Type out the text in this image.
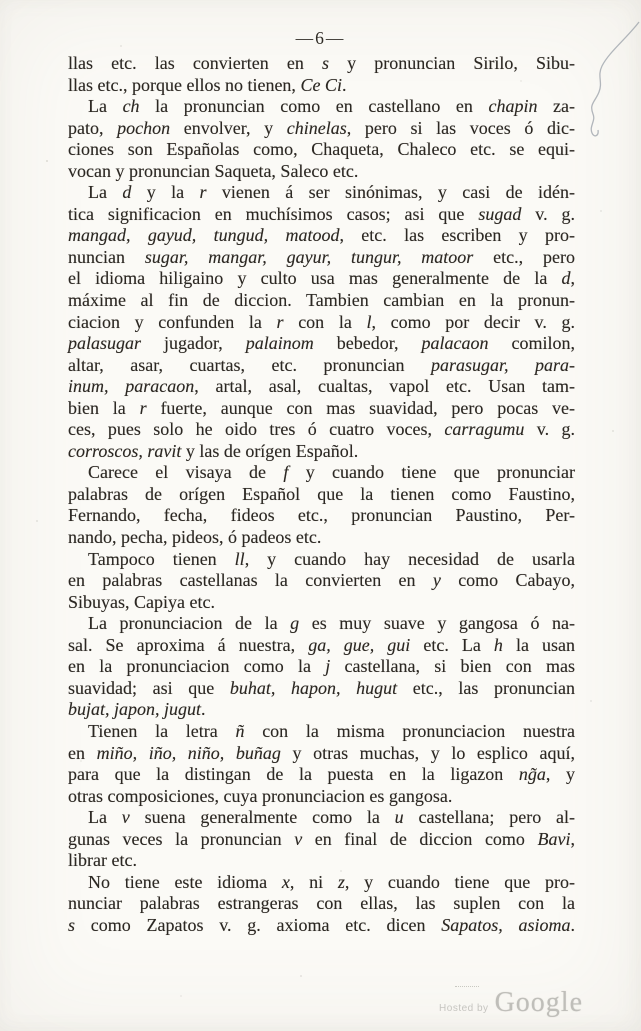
—6—
llas etc. las convierten en s y pronuncian Sirilo, Sibu-
llas etc., porque ellos no tienen, Ce Ci.
La ch la pronuncian como en castellano en chapin za-
pato, pochon envolver, y chinelas, pero si las voces ó dic-
ciones son Españolas como, Chaqueta, Chaleco etc. se equi-
vocan y pronuncian Saqueta, Saleco etc.
La d y la r vienen á ser sinónimas, y casi de idén-
tica significacion en muchísimos casos; asi que sugad v. g.
mangad, gayud, tungud, matood, etc. las escriben y pro-
nuncian sugar, mangar, gayur, tungur, matoor etc., pero
el idioma hiligaino y culto usa mas generalmente de la d,
máxime al fin de diccion. Tambien cambian en la pronun-
ciacion y confunden la r con la l, como por decir v. g.
palasugar jugador, palainom bebedor, palacaon comilon,
altar, asar, cuartas, etc. pronuncian parasugar, para-
inum, paracaon, artal, asal, cualtas, vapol etc. Usan tam-
bien la r fuerte, aunque con mas suavidad, pero pocas ve-
ces, pues solo he oido tres ó cuatro voces, carragumu v. g.
corroscos, ravit y las de orígen Español.
Carece el visaya de f y cuando tiene que pronunciar
palabras de orígen Español que la tienen como Faustino,
Fernando, fecha, fideos etc., pronuncian Paustino, Per-
nando, pecha, pideos, ó padeos etc.
Tampoco tienen ll, y cuando hay necesidad de usarla
en palabras castellanas la convierten en y como Cabayo,
Sibuyas, Capiya etc.
La pronunciacion de la g es muy suave y gangosa ó na-
sal. Se aproxima á nuestra, ga, gue, gui etc. La h la usan
en la pronunciacion como la j castellana, si bien con mas
suavidad; asi que buhat, hapon, hugut etc., las pronuncian
bujat, japon, jugut.
Tienen la letra ñ con la misma pronunciacion nuestra
en miño, iño, niño, buñag y otras muchas, y lo esplico aquí,
para que la distingan de la puesta en la ligazon ng̃a, y
otras composiciones, cuya pronunciacion es gangosa.
La v suena generalmente como la u castellana; pero al-
gunas veces la pronuncian v en final de diccion como Bavi,
librar etc.
No tiene este idioma x, ni z, y cuando tiene que pro-
nunciar palabras estrangeras con ellas, las suplen con la
s como Zapatos v. g. axioma etc. dicen Sapatos, asioma.
Hosted by Google
